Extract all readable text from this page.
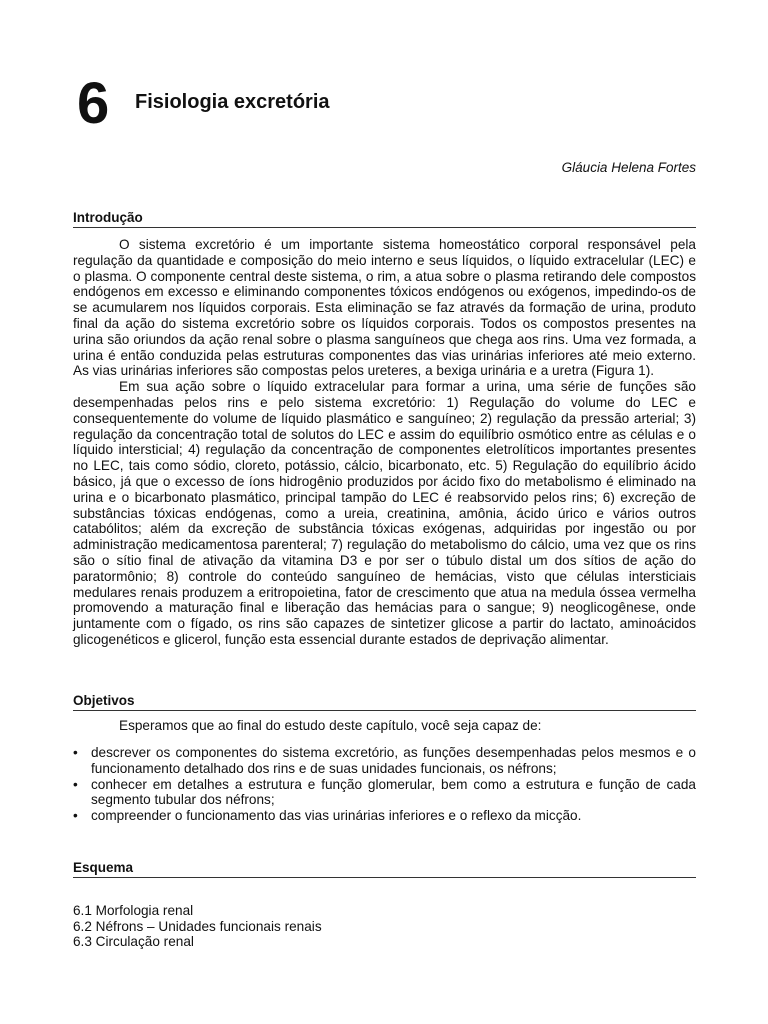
6 Fisiologia excretória
Gláucia Helena Fortes
Introdução

O sistema excretório é um importante sistema homeostático corporal responsável pela regulação da quantidade e composição do meio interno e seus líquidos, o líquido extracelular (LEC) e o plasma. O componente central deste sistema, o rim, a atua sobre o plasma retirando dele compostos endógenos em excesso e eliminando componentes tóxicos endógenos ou exógenos, impedindo-os de se acumularem nos líquidos corporais. Esta eliminação se faz através da formação de urina, produto final da ação do sistema excretório sobre os líquidos corporais. Todos os compostos presentes na urina são oriundos da ação renal sobre o plasma sanguíneos que chega aos rins. Uma vez formada, a urina é então conduzida pelas estruturas componentes das vias urinárias inferiores até meio externo. As vias urinárias inferiores são compostas pelos ureteres, a bexiga urinária e a uretra (Figura 1).

Em sua ação sobre o líquido extracelular para formar a urina, uma série de funções são desempenhadas pelos rins e pelo sistema excretório: 1) Regulação do volume do LEC e consequentemente do volume de líquido plasmático e sanguíneo; 2) regulação da pressão arterial; 3) regulação da concentração total de solutos do LEC e assim do equilíbrio osmótico entre as células e o líquido intersticial; 4) regulação da concentração de componentes eletrolíticos importantes presentes no LEC, tais como sódio, cloreto, potássio, cálcio, bicarbonato, etc. 5) Regulação do equilíbrio ácido básico, já que o excesso de íons hidrogênio produzidos por ácido fixo do metabolismo é eliminado na urina e o bicarbonato plasmático, principal tampão do LEC é reabsorvido pelos rins; 6) excreção de substâncias tóxicas endógenas, como a ureia, creatinina, amônia, ácido úrico e vários outros catabólitos; além da excreção de substância tóxicas exógenas, adquiridas por ingestão ou por administração medicamentosa parenteral; 7) regulação do metabolismo do cálcio, uma vez que os rins são o sítio final de ativação da vitamina D3 e por ser o túbulo distal um dos sítios de ação do paratormônio; 8) controle do conteúdo sanguíneo de hemácias, visto que células intersticiais medulares renais produzem a eritropoietina, fator de crescimento que atua na medula óssea vermelha promovendo a maturação final e liberação das hemácias para o sangue; 9) neoglicogênese, onde juntamente com o fígado, os rins são capazes de sintetizer glicose a partir do lactato, aminoácidos glicogenéticos e glicerol, função esta essencial durante estados de deprivação alimentar.

Objetivos
Esperamos que ao final do estudo deste capítulo, você seja capaz de:
• descrever os componentes do sistema excretório, as funções desempenhadas pelos mesmos e o funcionamento detalhado dos rins e de suas unidades funcionais, os néfrons;
• conhecer em detalhes a estrutura e função glomerular, bem como a estrutura e função de cada segmento tubular dos néfrons;
• compreender o funcionamento das vias urinárias inferiores e o reflexo da micção.
Esquema
6.1 Morfologia renal
6.2 Néfrons – Unidades funcionais renais
6.3 Circulação renal
